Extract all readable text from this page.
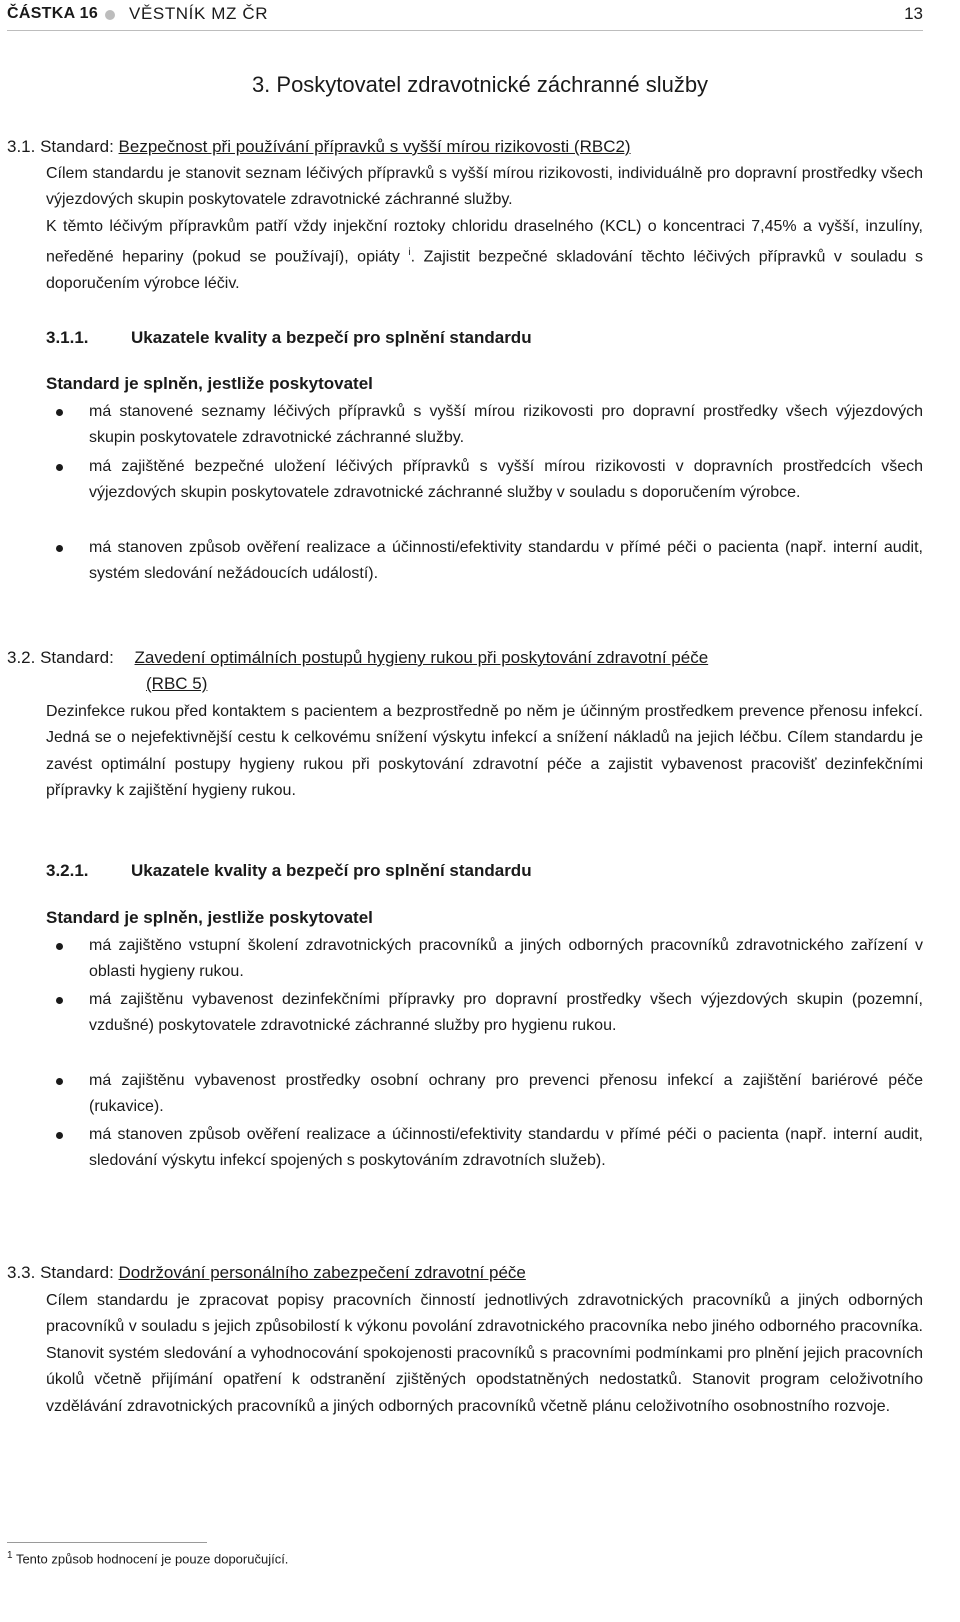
ČÁSTKA 16 VĚSTNÍK MZ ČR	13
3. Poskytovatel zdravotnické záchranné služby
3.1. Standard: Bezpečnost při používání přípravků s vyšší mírou rizikovosti (RBC2)

Cílem standardu je stanovit seznam léčivých přípravků s vyšší mírou rizikovosti, individuálně pro dopravní prostředky všech výjezdových skupin poskytovatele zdravotnické záchranné služby.

K těmto léčivým přípravkům patří vždy injekční roztoky chloridu draselného (KCL) o koncentraci 7,45% a vyšší, inzulíny, neředěné hepariny (pokud se používají), opiáty $^i$. Zajistit bezpečné skladování těchto léčivých přípravků v souladu s doporučením výrobce léčiv.

3.1.1. Ukazatele kvality a bezpečí pro splnění standardu
Standard je splněn, jestliže poskytovatel

má stanovené seznamy léčivých přípravků s vyšší mírou rizikovosti pro dopravní prostředky všech výjezdových skupin poskytovatele zdravotnické záchranné služby.

má zajištěné bezpečné uložení léčivých přípravků s vyšší mírou rizikovosti v dopravních prostředcích všech výjezdových skupin poskytovatele zdravotnické záchranné služby v souladu s doporučením výrobce.

má stanoven způsob ověření realizace a účinnosti/efektivity standardu v přímé péči o pacienta (např. interní audit, systém sledování nežádoucích událostí).

3.2. Standard: Zavedení optimálních postupů hygieny rukou při poskytování zdravotní péče
(RBC 5)

Dezinfekce rukou před kontaktem s pacientem a bezprostředně po něm je účinným prostředkem prevence přenosu infekcí. Jedná se o nejefektivnější cestu k celkovému snížení výskytu infekcí a snížení nákladů na jejich léčbu. Cílem standardu je zavést optimální postupy hygieny rukou při poskytování zdravotní péče a zajistit vybavenost pracovišť dezinfekčními přípravky k zajištění hygieny rukou.

3.2.1. Ukazatele kvality a bezpečí pro splnění standardu
Standard je splněn, jestliže poskytovatel

má zajištěno vstupní školení zdravotnických pracovníků a jiných odborných pracovníků zdravotnického zařízení v oblasti hygieny rukou.

má zajištěnu vybavenost dezinfekčními přípravky pro dopravní prostředky všech výjezdových skupin (pozemní, vzdušné) poskytovatele zdravotnické záchranné služby pro hygienu rukou.

má zajištěnu vybavenost prostředky osobní ochrany pro prevenci přenosu infekcí a zajištění bariérové péče (rukavice).

má stanoven způsob ověření realizace a účinnosti/efektivity standardu v přímé péči o pacienta (např. interní audit, sledování výskytu infekcí spojených s poskytováním zdravotních služeb).

3.3. Standard: Dodržování personálního zabezpečení zdravotní péče

Cílem standardu je zpracovat popisy pracovních činností jednotlivých zdravotnických pracovníků a jiných odborných pracovníků v souladu s jejich způsobilostí k výkonu povolání zdravotnického pracovníka nebo jiného odborného pracovníka. Stanovit systém sledování a vyhodnocování spokojenosti pracovníků s pracovními podmínkami pro plnění jejich pracovních úkolů včetně přijímání opatření k odstranění zjištěných opodstatněných nedostatků. Stanovit program celoživotního vzdělávání zdravotnických pracovníků a jiných odborných pracovníků včetně plánu celoživotního osobnostního rozvoje.

$^1$ Tento způsob hodnocení je pouze doporučující.
